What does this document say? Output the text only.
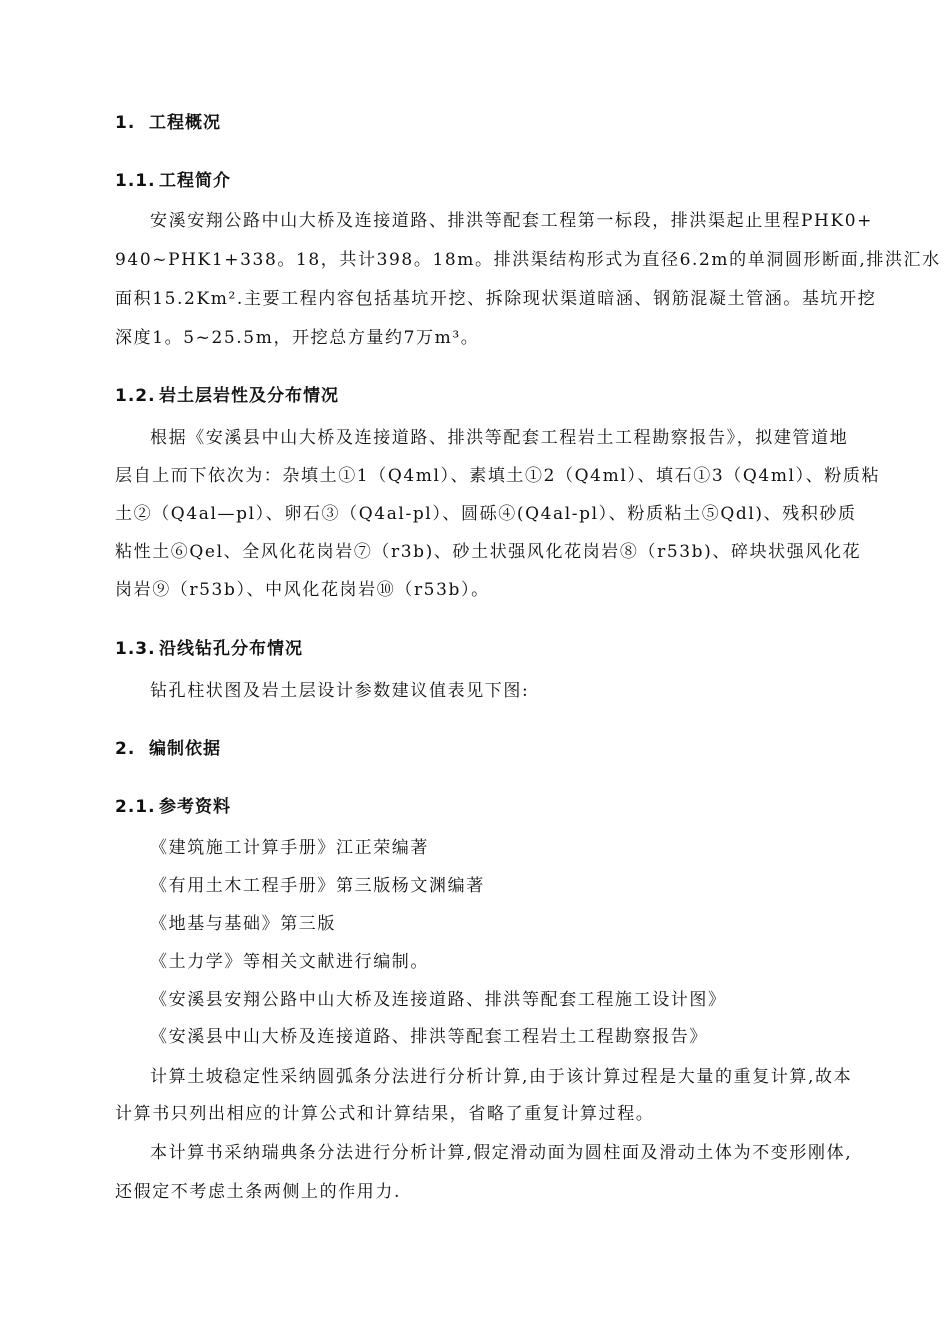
1. 工程概况
1.1. 工程简介
安溪安翔公路中山大桥及连接道路、排洪等配套工程第一标段，排洪渠起止里程PHK0+
940~PHK1+338。18，共计398。18m。排洪渠结构形式为直径6.2m的单洞圆形断面,排洪汇水
面积15.2Km².主要工程内容包括基坑开挖、拆除现状渠道暗涵、钢筋混凝土管涵。基坑开挖
深度1。5~25.5m，开挖总方量约7万m³。
1.2. 岩土层岩性及分布情况
根据《安溪县中山大桥及连接道路、排洪等配套工程岩土工程勘察报告》，拟建管道地
层自上而下依次为：杂填土①1（Q4ml）、素填土①2（Q4ml）、填石①3（Q4ml）、粉质粘
土②（Q4al—pl）、卵石③（Q4al-pl）、圆砾④(Q4al-pl）、粉质粘土⑤Qdl)、残积砂质
粘性土⑥Qel、全风化花岗岩⑦（r3b)、砂土状强风化花岗岩⑧（r53b)、碎块状强风化花
岗岩⑨（r53b）、中风化花岗岩⑩（r53b）。
1.3. 沿线钻孔分布情况
钻孔柱状图及岩土层设计参数建议值表见下图:
2. 编制依据
2.1. 参考资料
《建筑施工计算手册》江正荣编著
《有用土木工程手册》第三版杨文渊编著
《地基与基础》第三版
《土力学》等相关文献进行编制。
《安溪县安翔公路中山大桥及连接道路、排洪等配套工程施工设计图》
《安溪县中山大桥及连接道路、排洪等配套工程岩土工程勘察报告》
计算土坡稳定性采纳圆弧条分法进行分析计算,由于该计算过程是大量的重复计算,故本
计算书只列出相应的计算公式和计算结果，省略了重复计算过程。
本计算书采纳瑞典条分法进行分析计算,假定滑动面为圆柱面及滑动土体为不变形刚体,
还假定不考虑土条两侧上的作用力.
